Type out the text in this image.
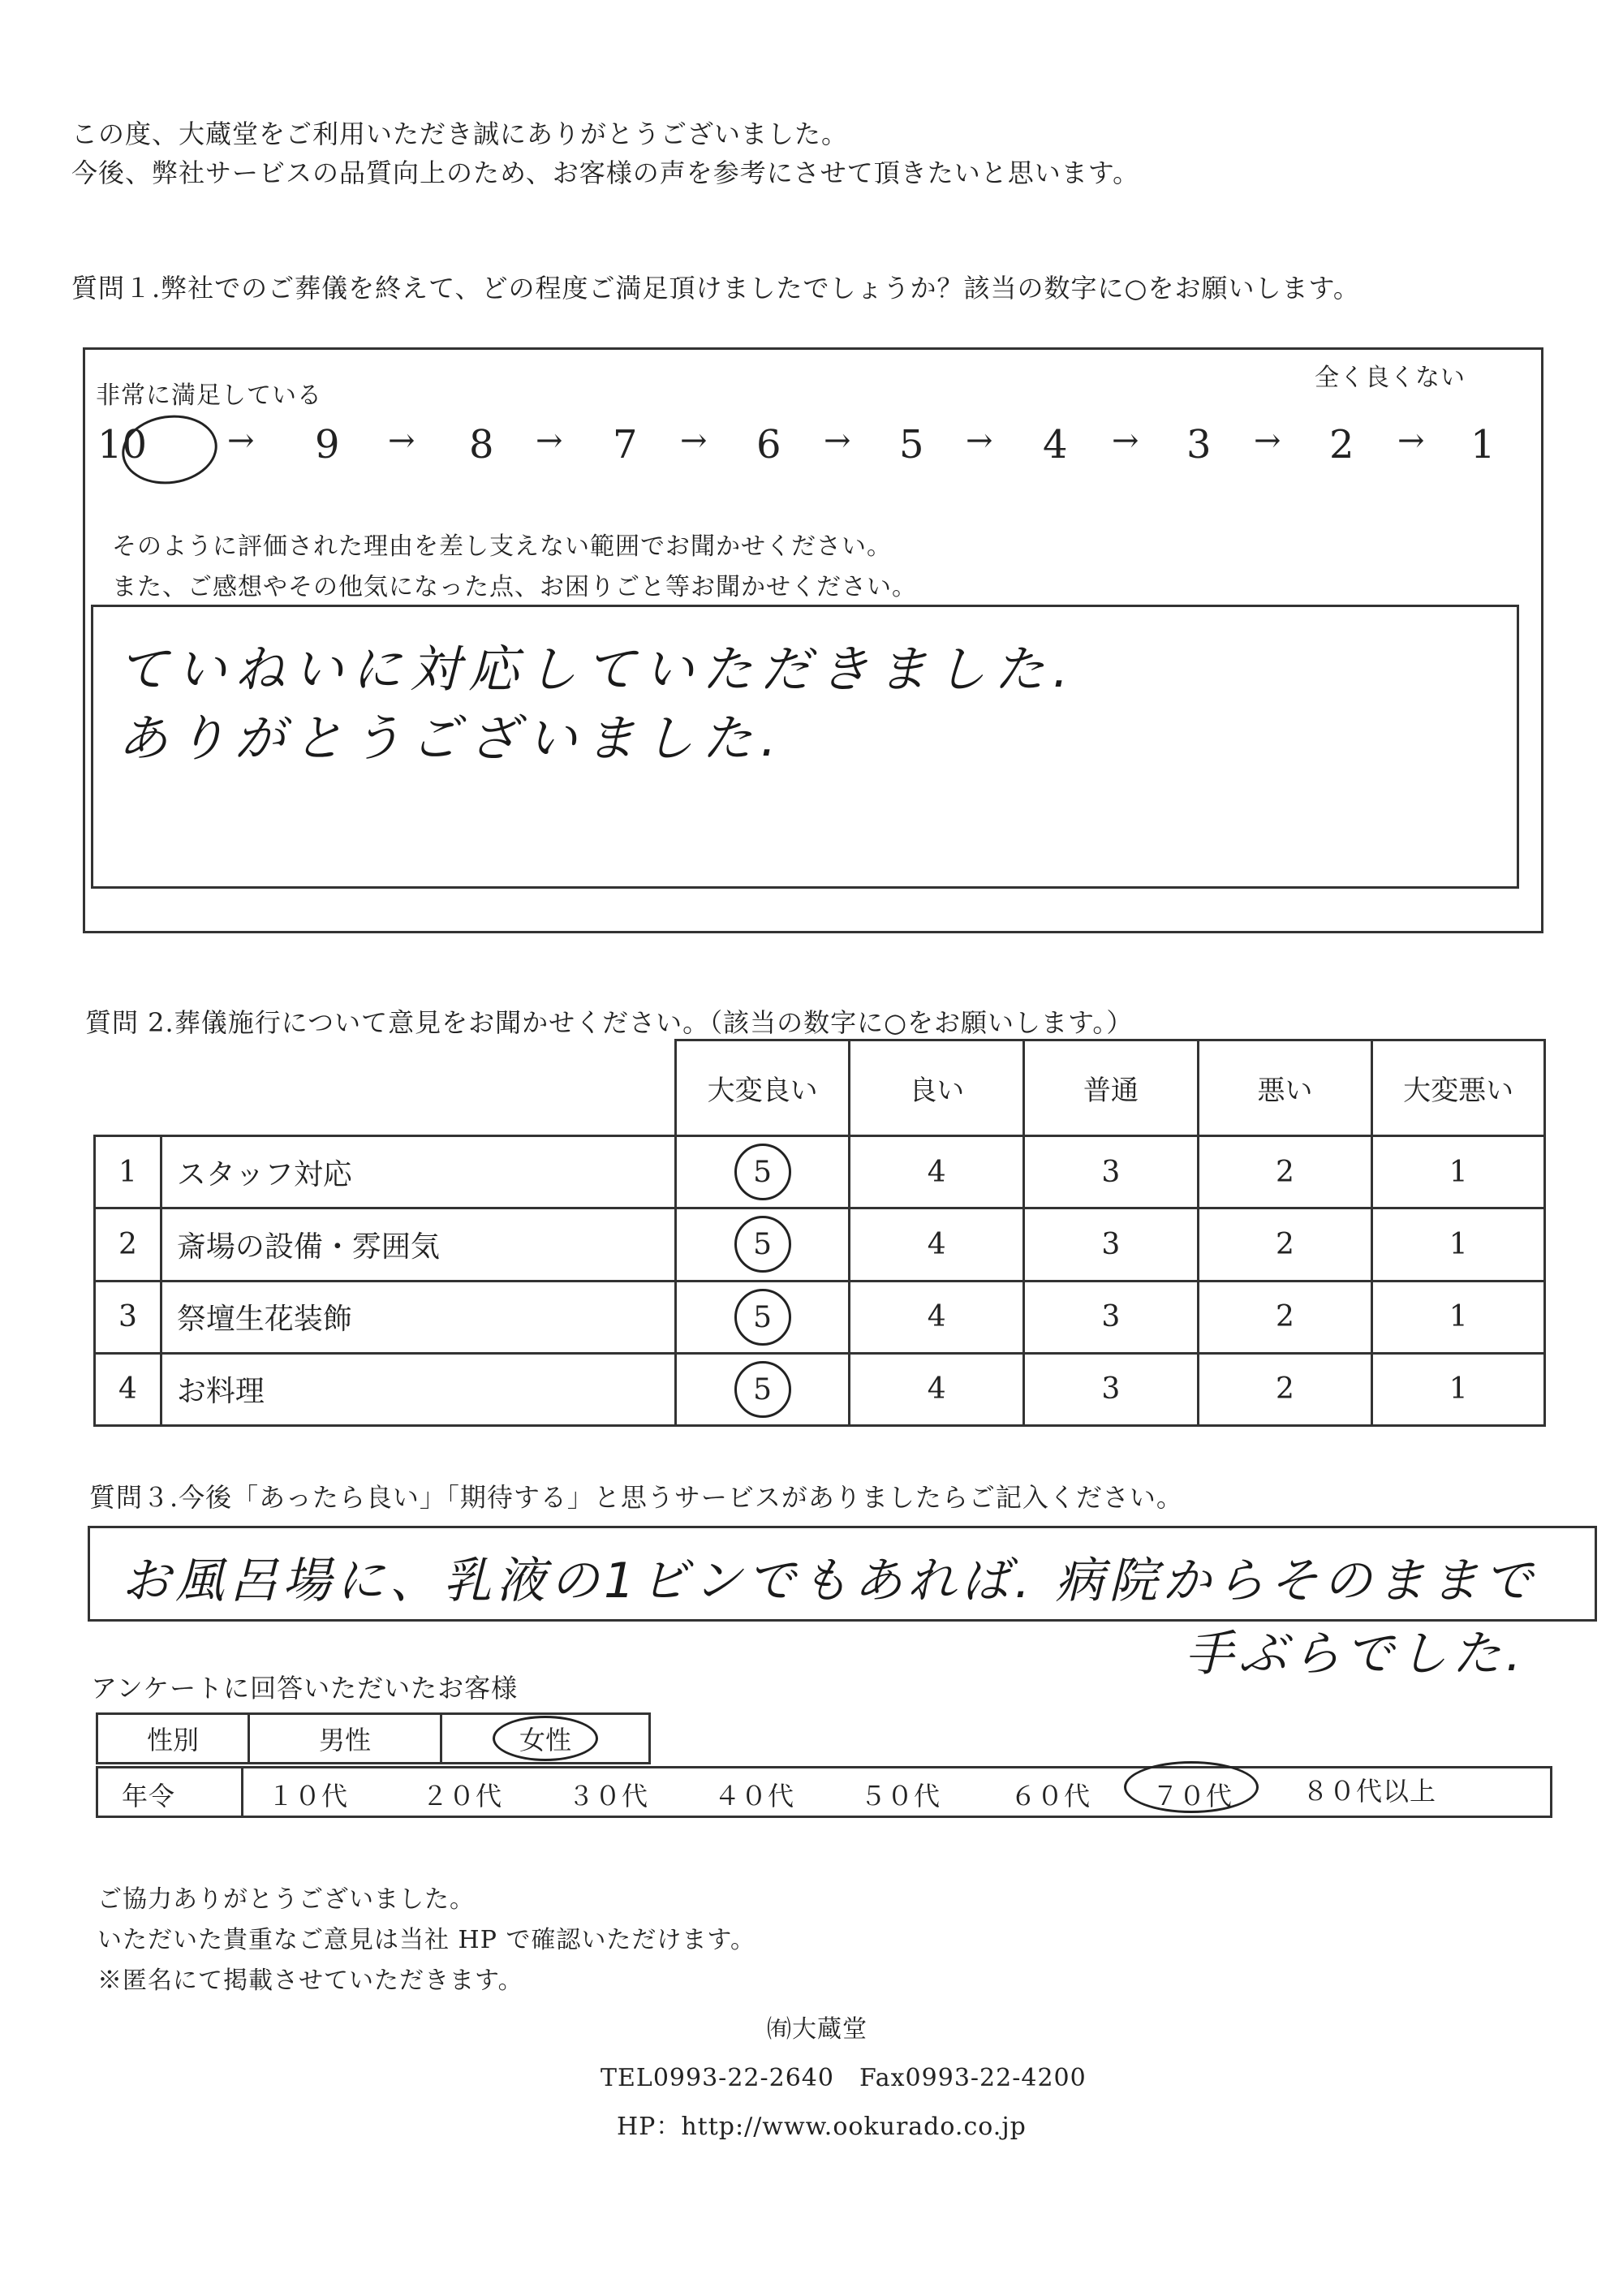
この度、大蔵堂をご利用いただき誠にありがとうございました。
今後、弊社サービスの品質向上のため、お客様の声を参考にさせて頂きたいと思います。
質問１.弊社でのご葬儀を終えて、どの程度ご満足頂けましたでしょうか？該当の数字に○をお願いします。
非常に満足している
全く良くない
10 → 9 → 8 → 7 → 6 → 5 → 4 → 3 → 2 → 1
そのように評価された理由を差し支えない範囲でお聞かせください。
また、ご感想やその他気になった点、お困りごと等お聞かせください。
ていねいに対応していただきました.
ありがとうございました.
質問 2.葬儀施行について意見をお聞かせください。（該当の数字に○をお願いします。）
		大変良い	良い	普通	悪い	大変悪い
1	スタッフ対応	5	4	3	2	1
2	斎場の設備・雰囲気	5	4	3	2	1
3	祭壇生花装飾	5	4	3	2	1
4	お料理	5	4	3	2	1
質問３.今後「あったら良い」「期待する」と思うサービスがありましたらご記入ください。
お風呂場に、乳液の1ビンでもあれば. 病院からそのままで
手ぶらでした.
アンケートに回答いただいたお客様
性別	男性	女性	
年令	１０代	２０代	３０代	４０代	５０代	６０代 ７０代	８０代以上
ご協力ありがとうございました。
いただいた貴重なご意見は当社 HP で確認いただけます。
※匿名にて掲載させていただきます。
㈲大蔵堂
TEL0993-22-2640　Fax0993-22-4200
HP：http://www.ookurado.co.jp
